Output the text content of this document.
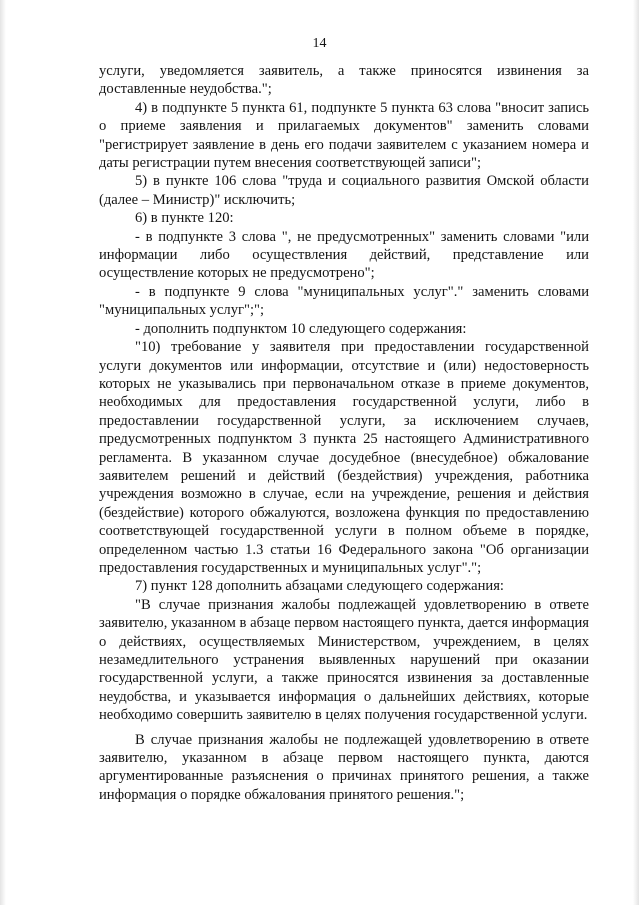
14

услуги, уведомляется заявитель, а также приносятся извинения за доставленные неудобства.";

4) в подпункте 5 пункта 61, подпункте 5 пункта 63 слова "вносит запись о приеме заявления и прилагаемых документов" заменить словами "регистрирует заявление в день его подачи заявителем с указанием номера и даты регистрации путем внесения соответствующей записи";

5) в пункте 106 слова "труда и социального развития Омской области (далее – Министр)" исключить;

6) в пункте 120:

- в подпункте 3 слова ", не предусмотренных" заменить словами "или информации либо осуществления действий, представление или осуществление которых не предусмотрено";

- в подпункте 9 слова "муниципальных услуг"." заменить словами "муниципальных услуг";";

- дополнить подпунктом 10 следующего содержания:

"10) требование у заявителя при предоставлении государственной услуги документов или информации, отсутствие и (или) недостоверность которых не указывались при первоначальном отказе в приеме документов, необходимых для предоставления государственной услуги, либо в предоставлении государственной услуги, за исключением случаев, предусмотренных подпунктом 3 пункта 25 настоящего Административного регламента. В указанном случае досудебное (внесудебное) обжалование заявителем решений и действий (бездействия) учреждения, работника учреждения возможно в случае, если на учреждение, решения и действия (бездействие) которого обжалуются, возложена функция по предоставлению соответствующей государственной услуги в полном объеме в порядке, определенном частью 1.3 статьи 16 Федерального закона "Об организации предоставления государственных и муниципальных услуг".";

7) пункт 128 дополнить абзацами следующего содержания:

"В случае признания жалобы подлежащей удовлетворению в ответе заявителю, указанном в абзаце первом настоящего пункта, дается информация о действиях, осуществляемых Министерством, учреждением, в целях незамедлительного устранения выявленных нарушений при оказании государственной услуги, а также приносятся извинения за доставленные неудобства, и указывается информация о дальнейших действиях, которые необходимо совершить заявителю в целях получения государственной услуги.

В случае признания жалобы не подлежащей удовлетворению в ответе заявителю, указанном в абзаце первом настоящего пункта, даются аргументированные разъяснения о причинах принятого решения, а также информация о порядке обжалования принятого решения.";
